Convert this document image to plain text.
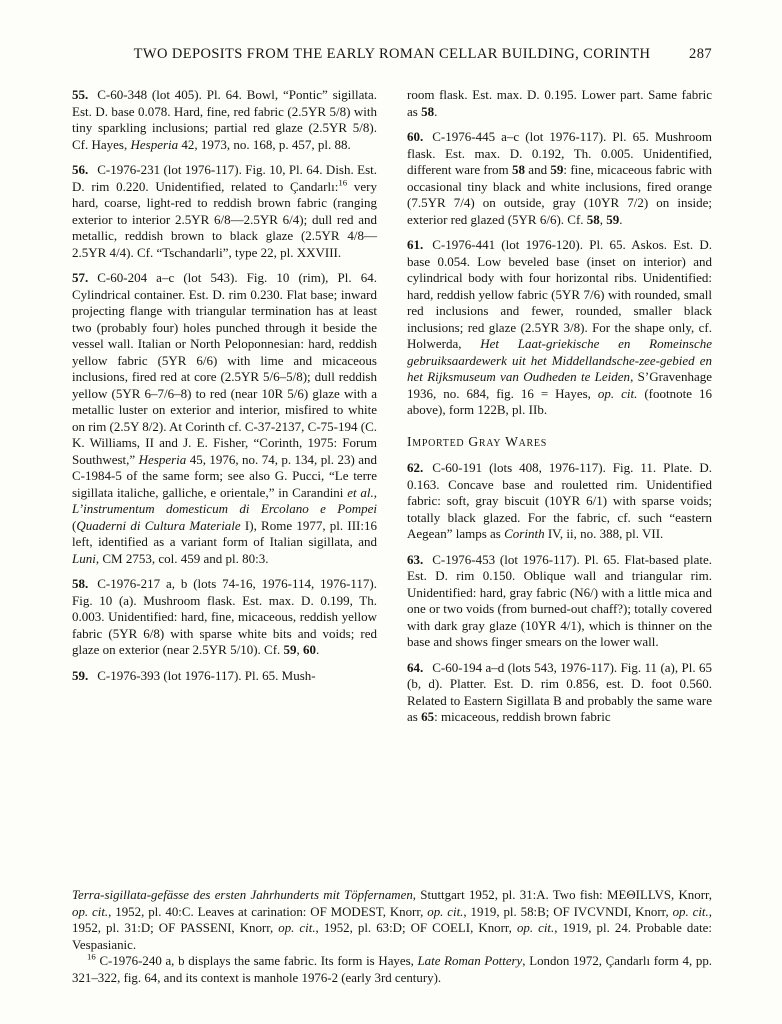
TWO DEPOSITS FROM THE EARLY ROMAN CELLAR BUILDING, CORINTH	287

55. C-60-348 (lot 405). Pl. 64. Bowl, “Pontic” sigillata. Est. D. base 0.078. Hard, fine, red fabric (2.5YR 5/8) with tiny sparkling inclusions; partial red glaze (2.5YR 5/8). Cf. Hayes, Hesperia 42, 1973, no. 168, p. 457, pl. 88.

56. C-1976-231 (lot 1976-117). Fig. 10, Pl. 64. Dish. Est. D. rim 0.220. Unidentified, related to Çandarlı:$^{16}$ very hard, coarse, light-red to reddish brown fabric (ranging exterior to interior 2.5YR 6/8—2.5YR 6/4); dull red and metallic, reddish brown to black glaze (2.5YR 4/8—2.5YR 4/4). Cf. “Tschandarli”, type 22, pl. XXVIII.

57. C-60-204 a–c (lot 543). Fig. 10 (rim), Pl. 64. Cylindrical container. Est. D. rim 0.230. Flat base; inward projecting flange with triangular termination has at least two (probably four) holes punched through it beside the vessel wall. Italian or North Peloponnesian: hard, reddish yellow fabric (5YR 6/6) with lime and micaceous inclusions, fired red at core (2.5YR 5/6–5/8); dull reddish yellow (5YR 6–7/6–8) to red (near 10R 5/6) glaze with a metallic luster on exterior and interior, misfired to white on rim (2.5Y 8/2). At Corinth cf. C-37-2137, C-75-194 (C. K. Williams, II and J. E. Fisher, “Corinth, 1975: Forum Southwest,” Hesperia 45, 1976, no. 74, p. 134, pl. 23) and C-1984-5 of the same form; see also G. Pucci, “Le terre sigillata italiche, galliche, e orientale,” in Carandini et al., L’instrumentum domesticum di Ercolano e Pompei (Quaderni di Cultura Materiale I), Rome 1977, pl. III:16 left, identified as a variant form of Italian sigillata, and Luni, CM 2753, col. 459 and pl. 80:3.

58. C-1976-217 a, b (lots 74-16, 1976-114, 1976-117). Fig. 10 (a). Mushroom flask. Est. max. D. 0.199, Th. 0.003. Unidentified: hard, fine, micaceous, reddish yellow fabric (5YR 6/8) with sparse white bits and voids; red glaze on exterior (near 2.5YR 5/10). Cf. 59, 60.

59. C-1976-393 (lot 1976-117). Pl. 65. Mush-

room flask. Est. max. D. 0.195. Lower part. Same fabric as 58.

60. C-1976-445 a–c (lot 1976-117). Pl. 65. Mushroom flask. Est. max. D. 0.192, Th. 0.005. Unidentified, different ware from 58 and 59: fine, micaceous fabric with occasional tiny black and white inclusions, fired orange (7.5YR 7/4) on outside, gray (10YR 7/2) on inside; exterior red glazed (5YR 6/6). Cf. 58, 59.

61. C-1976-441 (lot 1976-120). Pl. 65. Askos. Est. D. base 0.054. Low beveled base (inset on interior) and cylindrical body with four horizontal ribs. Unidentified: hard, reddish yellow fabric (5YR 7/6) with rounded, small red inclusions and fewer, rounded, smaller black inclusions; red glaze (2.5YR 3/8). For the shape only, cf. Holwerda, Het Laat-griekische en Romeinsche gebruiksaardewerk uit het Middellandsche-zee-gebied en het Rijksmuseum van Oudheden te Leiden, S’Gravenhage 1936, no. 684, fig. 16 = Hayes, op. cit. (footnote 16 above), form 122B, pl. IIb.

Imported Gray Wares

62. C-60-191 (lots 408, 1976-117). Fig. 11. Plate. D. 0.163. Concave base and rouletted rim. Unidentified fabric: soft, gray biscuit (10YR 6/1) with sparse voids; totally black glazed. For the fabric, cf. such “eastern Aegean” lamps as Corinth IV, ii, no. 388, pl. VII.

63. C-1976-453 (lot 1976-117). Pl. 65. Flat-based plate. Est. D. rim 0.150. Oblique wall and triangular rim. Unidentified: hard, gray fabric (N6/) with a little mica and one or two voids (from burned-out chaff?); totally covered with dark gray glaze (10YR 4/1), which is thinner on the base and shows finger smears on the lower wall.

64. C-60-194 a–d (lots 543, 1976-117). Fig. 11 (a), Pl. 65 (b, d). Platter. Est. D. rim 0.856, est. D. foot 0.560. Related to Eastern Sigillata B and probably the same ware as 65: micaceous, reddish brown fabric

Terra-sigillata-gefässe des ersten Jahrhunderts mit Töpfernamen, Stuttgart 1952, pl. 31:A. Two fish: MEΘILLVS, Knorr, op. cit., 1952, pl. 40:C. Leaves at carination: OF MODEST, Knorr, op. cit., 1919, pl. 58:B; OF IVCVNDI, Knorr, op. cit., 1952, pl. 31:D; OF PASSENI, Knorr, op. cit., 1952, pl. 63:D; OF COELI, Knorr, op. cit., 1919, pl. 24. Probable date: Vespasianic.

$^{16}$ C-1976-240 a, b displays the same fabric. Its form is Hayes, Late Roman Pottery, London 1972, Çandarlı form 4, pp. 321–322, fig. 64, and its context is manhole 1976-2 (early 3rd century).
